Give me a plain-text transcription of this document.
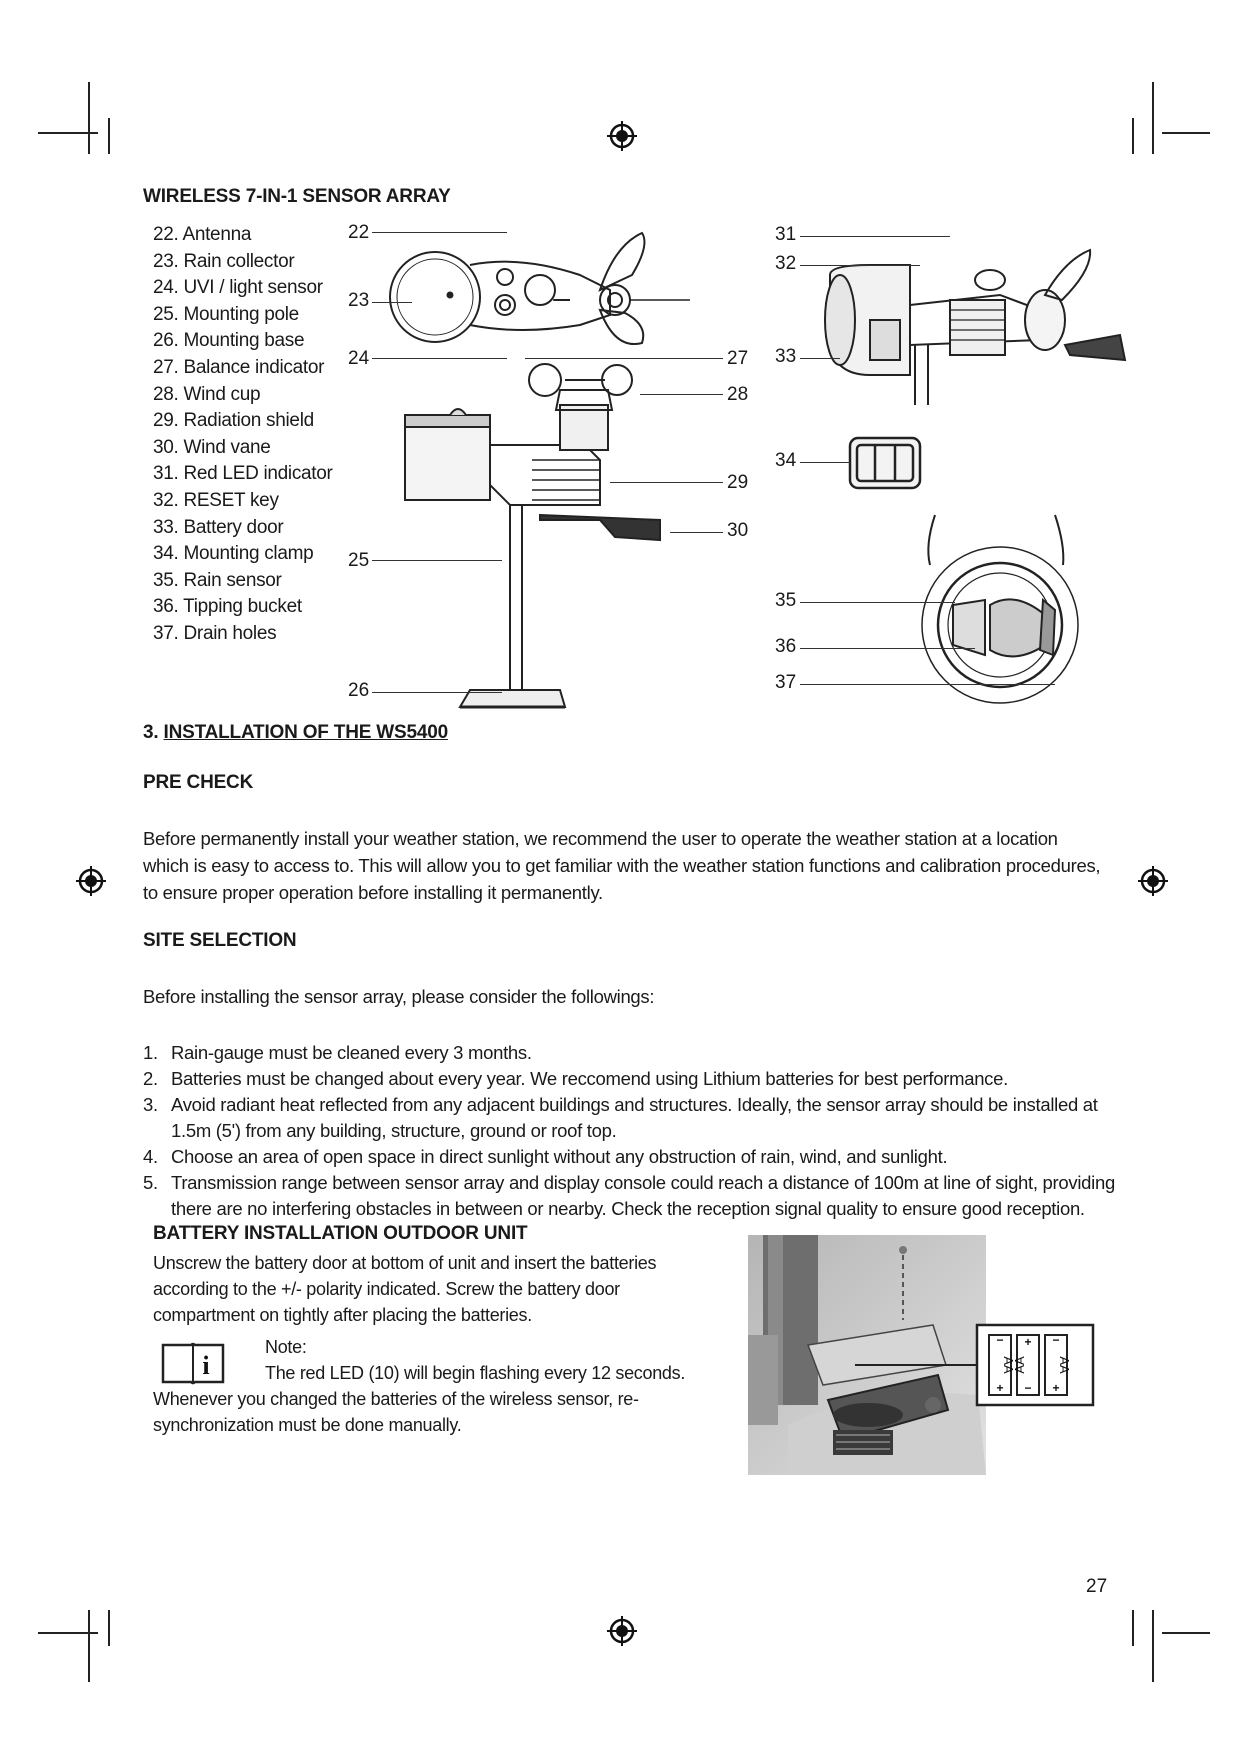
WIRELESS 7-IN-1 SENSOR ARRAY
22. Antenna
23. Rain collector
24. UVI / light sensor
25. Mounting pole
26. Mounting base
27. Balance indicator
28. Wind cup
29. Radiation shield
30. Wind vane
31. Red LED indicator
32. RESET key
33. Battery door
34. Mounting clamp
35. Rain sensor
36. Tipping bucket
37. Drain holes
22
23
24
25
26
27
28
29
30
31
32
33
34
35
36
37
3. INSTALLATION OF THE WS5400
PRE CHECK
Before permanently install your weather station, we recommend the user to operate the weather station at a location which is easy to access to. This will allow you to get familiar with the weather station functions and calibration procedures, to ensure proper operation before installing it permanently.
SITE SELECTION
Before installing the sensor array, please consider the followings:
1. Rain-gauge must be cleaned every 3 months.
2. Batteries must be changed about every year. We reccomend using Lithium batteries for best performance.
3. Avoid radiant heat reflected from any adjacent buildings and structures. Ideally, the sensor array should be installed at 1.5m (5') from any building, structure, ground or roof top.
4. Choose an area of open space in direct sunlight without any obstruction of rain, wind, and sunlight.
5. Transmission range between sensor array and display console could reach a distance of 100m at line of sight, providing there are no interfering obstacles in between or nearby. Check the reception signal quality to ensure good reception.
BATTERY INSTALLATION OUTDOOR UNIT
Unscrew the battery door at bottom of unit and insert the batteries according to the +/- polarity indicated. Screw the battery door compartment on tightly after placing the batteries.
i
Note:
The red LED (10) will begin flashing every 12 seconds.
Whenever you changed the batteries of the wireless sensor, re-synchronization must be done manually.
−
+
+
−
−
+
AA
AA AA
27
